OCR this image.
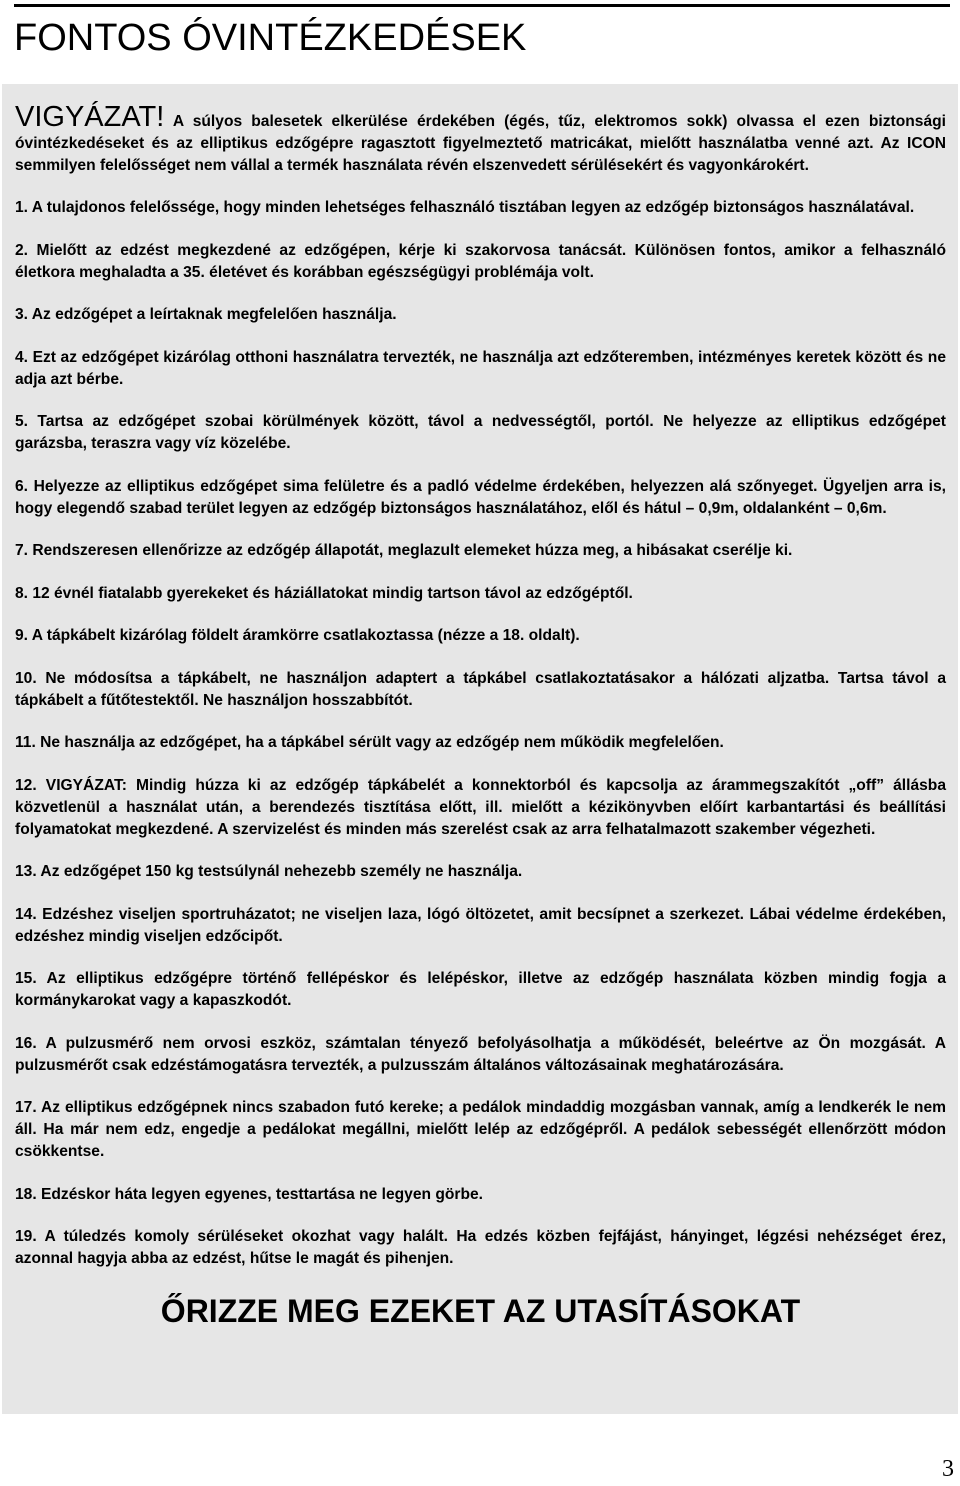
FONTOS ÓVINTÉZKEDÉSEK

VIGYÁZAT! A súlyos balesetek elkerülése érdekében (égés, tűz, elektromos sokk) olvassa el ezen biztonsági óvintézkedéseket és az elliptikus edzőgépre ragasztott figyelmeztető matricákat, mielőtt használatba venné azt. Az ICON semmilyen felelősséget nem vállal a termék használata révén elszenvedett sérülésekért és vagyonkárokért.

1. A tulajdonos felelőssége, hogy minden lehetséges felhasználó tisztában legyen az edzőgép biztonságos használatával.

2. Mielőtt az edzést megkezdené az edzőgépen, kérje ki szakorvosa tanácsát. Különösen fontos, amikor a felhasználó életkora meghaladta a 35. életévet és korábban egészségügyi problémája volt.

3. Az edzőgépet a leírtaknak megfelelően használja.

4. Ezt az edzőgépet kizárólag otthoni használatra tervezték, ne használja azt edzőteremben, intézményes keretek között és ne adja azt bérbe.

5. Tartsa az edzőgépet szobai körülmények között, távol a nedvességtől, portól. Ne helyezze az elliptikus edzőgépet garázsba, teraszra vagy víz közelébe.

6. Helyezze az elliptikus edzőgépet sima felületre és a padló védelme érdekében, helyezzen alá szőnyeget. Ügyeljen arra is, hogy elegendő szabad terület legyen az edzőgép biztonságos használatához, elől és hátul – 0,9m, oldalanként – 0,6m.

7. Rendszeresen ellenőrizze az edzőgép állapotát, meglazult elemeket húzza meg, a hibásakat cserélje ki.

8. 12 évnél fiatalabb gyerekeket és háziállatokat mindig tartson távol az edzőgéptől.

9. A tápkábelt kizárólag földelt áramkörre csatlakoztassa (nézze a 18. oldalt).

10. Ne módosítsa a tápkábelt, ne használjon adaptert a tápkábel csatlakoztatásakor a hálózati aljzatba. Tartsa távol a tápkábelt a fűtőtestektől. Ne használjon hosszabbítót.

11. Ne használja az edzőgépet, ha a tápkábel sérült vagy az edzőgép nem működik megfelelően.

12. VIGYÁZAT: Mindig húzza ki az edzőgép tápkábelét a konnektorból és kapcsolja az árammegszakítót „off” állásba közvetlenül a használat után, a berendezés tisztítása előtt, ill. mielőtt a kézikönyvben előírt karbantartási és beállítási folyamatokat megkezdené. A szervizelést és minden más szerelést csak az arra felhatalmazott szakember végezheti.

13. Az edzőgépet 150 kg testsúlynál nehezebb személy ne használja.

14. Edzéshez viseljen sportruházatot; ne viseljen laza, lógó öltözetet, amit becsípnet a szerkezet. Lábai védelme érdekében, edzéshez mindig viseljen edzőcipőt.

15. Az elliptikus edzőgépre történő fellépéskor és lelépéskor, illetve az edzőgép használata közben mindig fogja a kormánykarokat vagy a kapaszkodót.

16. A pulzusmérő nem orvosi eszköz, számtalan tényező befolyásolhatja a működését, beleértve az Ön mozgását. A pulzusmérőt csak edzéstámogatásra tervezték, a pulzusszám általános változásainak meghatározására.

17. Az elliptikus edzőgépnek nincs szabadon futó kereke; a pedálok mindaddig mozgásban vannak, amíg a lendkerék le nem áll. Ha már nem edz, engedje a pedálokat megállni, mielőtt lelép az edzőgépről. A pedálok sebességét ellenőrzött módon csökkentse.

18. Edzéskor háta legyen egyenes, testtartása ne legyen görbe.

19. A túledzés komoly sérüléseket okozhat vagy halált. Ha edzés közben fejfájást, hányinget, légzési nehézséget érez, azonnal hagyja abba az edzést, hűtse le magát és pihenjen.

ŐRIZZE MEG EZEKET AZ UTASÍTÁSOKAT

3
